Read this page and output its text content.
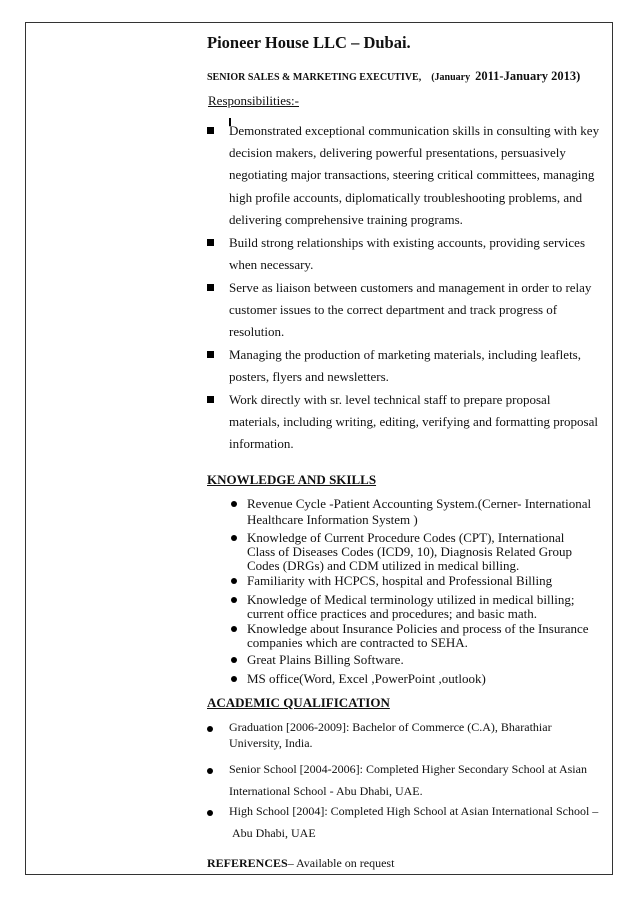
Pioneer House LLC – Dubai.
SENIOR SALES & MARKETING EXECUTIVE, (January 2011-January 2013)
Responsibilities:-
Demonstrated exceptional communication skills in consulting with key
decision makers, delivering powerful presentations, persuasively
negotiating major transactions, steering critical committees, managing
high profile accounts, diplomatically troubleshooting problems, and
delivering comprehensive training programs.
Build strong relationships with existing accounts, providing services
when necessary.
Serve as liaison between customers and management in order to relay
customer issues to the correct department and track progress of
resolution.
Managing the production of marketing materials, including leaflets,
posters, flyers and newsletters.
Work directly with sr. level technical staff to prepare proposal
materials, including writing, editing, verifying and formatting proposal
information.
KNOWLEDGE AND SKILLS
Revenue Cycle -Patient Accounting System.(Cerner- International
Healthcare Information System )
Knowledge of Current Procedure Codes (CPT), International
Class of Diseases Codes (ICD9, 10), Diagnosis Related Group
Codes (DRGs) and CDM utilized in medical billing.
Familiarity with HCPCS, hospital and Professional Billing
Knowledge of Medical terminology utilized in medical billing;
current office practices and procedures; and basic math.
Knowledge about Insurance Policies and process of the Insurance
companies which are contracted to SEHA.
Great Plains Billing Software.
MS office(Word, Excel ,PowerPoint ,outlook)
ACADEMIC QUALIFICATION
Graduation [2006-2009]: Bachelor of Commerce (C.A), Bharathiar
University, India.
Senior School [2004-2006]: Completed Higher Secondary School at Asian
International School - Abu Dhabi, UAE.
High School [2004]: Completed High School at Asian International School –
Abu Dhabi, UAE
REFERENCES– Available on request
